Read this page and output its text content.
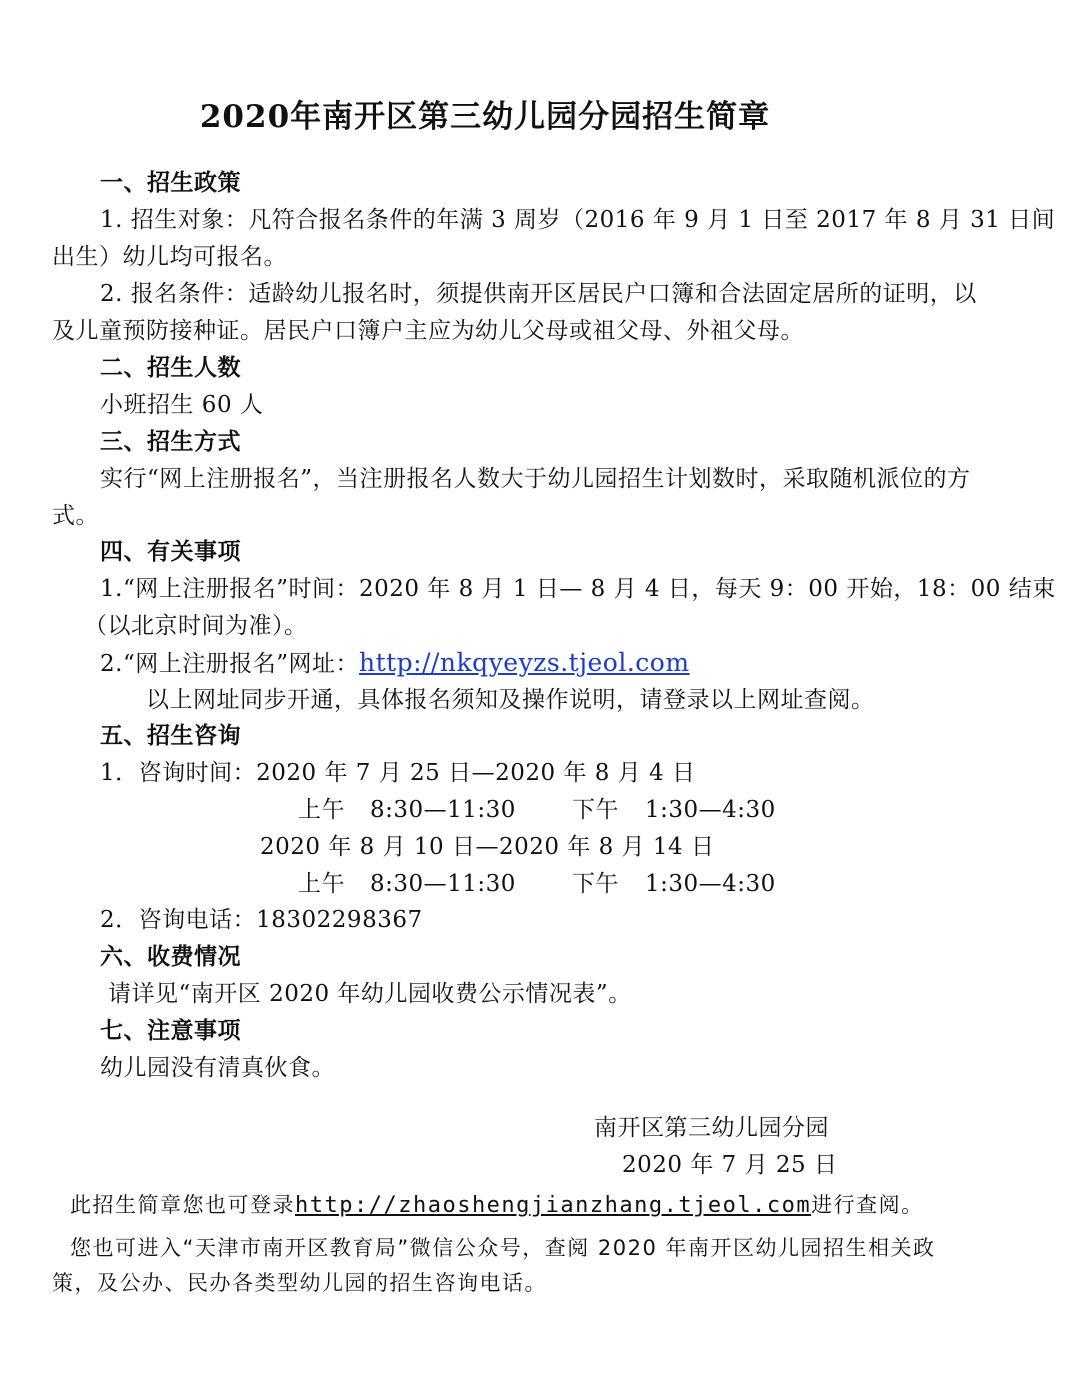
2020年南开区第三幼儿园分园招生简章
一、招生政策
1. 招生对象：凡符合报名条件的年满 3 周岁（2016 年 9 月 1 日至 2017 年 8 月 31 日间
出生）幼儿均可报名。
2. 报名条件：适龄幼儿报名时，须提供南开区居民户口簿和合法固定居所的证明，以
及儿童预防接种证。居民户口簿户主应为幼儿父母或祖父母、外祖父母。
二、招生人数
小班招生 60 人
三、招生方式
实行“网上注册报名”，当注册报名人数大于幼儿园招生计划数时，采取随机派位的方
式。
四、有关事项
1.“网上注册报名”时间：2020 年 8 月 1 日— 8 月 4 日，每天 9：00 开始，18：00 结束
（以北京时间为准）。
2.“网上注册报名”网址：http://nkqyeyzs.tjeol.com
以上网址同步开通，具体报名须知及操作说明，请登录以上网址查阅。
五、招生咨询
1．咨询时间：2020 年 7 月 25 日—2020 年 8 月 4 日
上午 8:30—11:30 下午 1:30—4:30
2020 年 8 月 10 日—2020 年 8 月 14 日
上午 8:30—11:30 下午 1:30—4:30
2．咨询电话：18302298367
六、收费情况
请详见“南开区 2020 年幼儿园收费公示情况表”。
七、注意事项
幼儿园没有清真伙食。
南开区第三幼儿园分园
2020 年 7 月 25 日
此招生简章您也可登录http://zhaoshengjianzhang.tjeol.com进行查阅。
您也可进入“天津市南开区教育局”微信公众号，查阅 2020 年南开区幼儿园招生相关政
策，及公办、民办各类型幼儿园的招生咨询电话。
